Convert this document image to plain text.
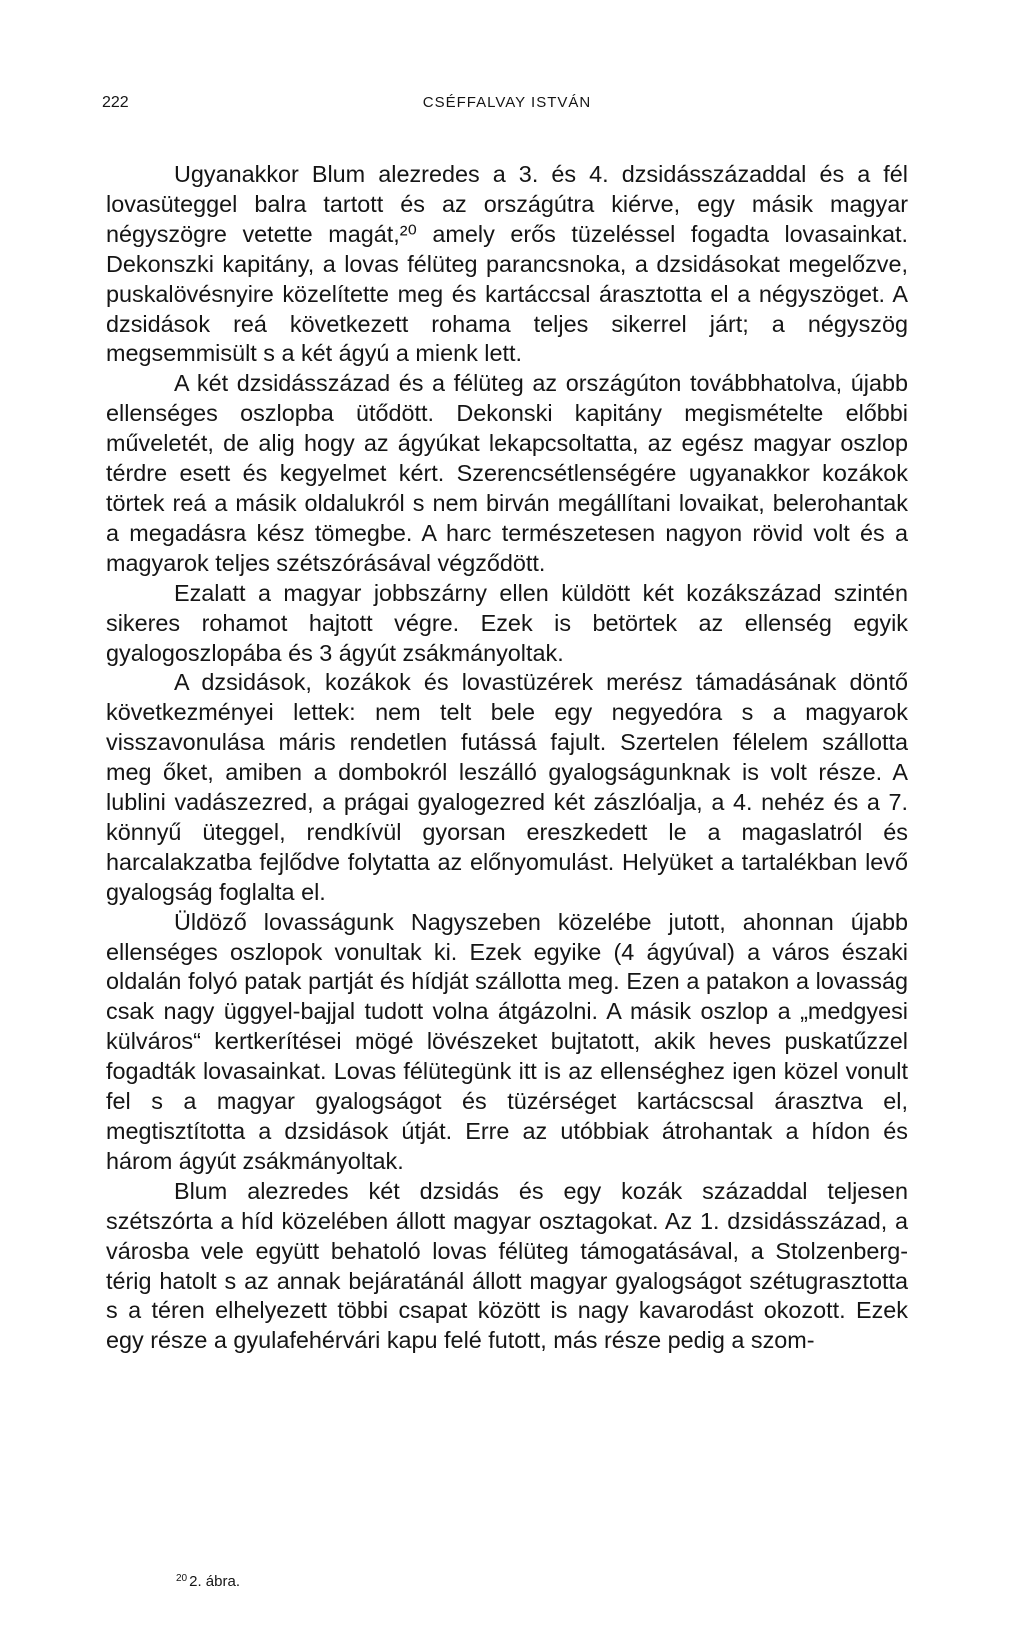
222	CSÉFFALVAY ISTVÁN

Ugyanakkor Blum alezredes a 3. és 4. dzsidásszázaddal és a fél lovasüteggel balra tartott és az országútra kiérve, egy másik magyar négyszögre vetette magát,²⁰ amely erős tüzeléssel fogadta lovasainkat. Dekonszki kapitány, a lovas félüteg parancsnoka, a dzsidásokat megelőzve, puskalövésnyire közelítette meg és kartáccsal árasztotta el a négyszöget. A dzsidások reá következett rohama teljes sikerrel járt; a négyszög megsemmisült s a két ágyú a mienk lett.

A két dzsidásszázad és a félüteg az országúton továbbhatolva, újabb ellenséges oszlopba ütődött. Dekonski kapitány megismételte előbbi műveletét, de alig hogy az ágyúkat lekapcsoltatta, az egész magyar oszlop térdre esett és kegyelmet kért. Szerencsétlenségére ugyanakkor kozákok törtek reá a másik oldalukról s nem birván megállítani lovaikat, belerohantak a megadásra kész tömegbe. A harc természetesen nagyon rövid volt és a magyarok teljes szétszórásával végződött.

Ezalatt a magyar jobbszárny ellen küldött két kozákszázad szintén sikeres rohamot hajtott végre. Ezek is betörtek az ellenség egyik gyalogoszlopába és 3 ágyút zsákmányoltak.

A dzsidások, kozákok és lovastüzérek merész támadásának döntő következményei lettek: nem telt bele egy negyedóra s a magyarok visszavonulása máris rendetlen futássá fajult. Szertelen félelem szállotta meg őket, amiben a dombokról leszálló gyalogságunknak is volt része. A lublini vadászezred, a prágai gyalogezred két zászlóalja, a 4. nehéz és a 7. könnyű üteggel, rendkívül gyorsan ereszkedett le a magaslatról és harcalakzatba fejlődve folytatta az előnyomulást. Helyüket a tartalékban levő gyalogság foglalta el.

Üldöző lovasságunk Nagyszeben közelébe jutott, ahonnan újabb ellenséges oszlopok vonultak ki. Ezek egyike (4 ágyúval) a város északi oldalán folyó patak partját és hídját szállotta meg. Ezen a patakon a lovasság csak nagy üggyel-bajjal tudott volna átgázolni. A másik oszlop a „medgyesi külváros“ kertkerítései mögé lövészeket bujtatott, akik heves puskatűzzel fogadták lovasainkat. Lovas félütegünk itt is az ellenséghez igen közel vonult fel s a magyar gyalogságot és tüzérséget kartácscsal árasztva el, megtisztította a dzsidások útját. Erre az utóbbiak átrohantak a hídon és három ágyút zsákmányoltak.

Blum alezredes két dzsidás és egy kozák századdal teljesen szétszórta a híd közelében állott magyar osztagokat. Az 1. dzsidásszázad, a városba vele együtt behatoló lovas félüteg támogatásával, a Stolzenberg-térig hatolt s az annak bejáratánál állott magyar gyalogságot szétugrasztotta s a téren elhelyezett többi csapat között is nagy kavarodást okozott. Ezek egy része a gyulafehérvári kapu felé futott, más része pedig a szom-

$^{20}$ 2. ábra.
